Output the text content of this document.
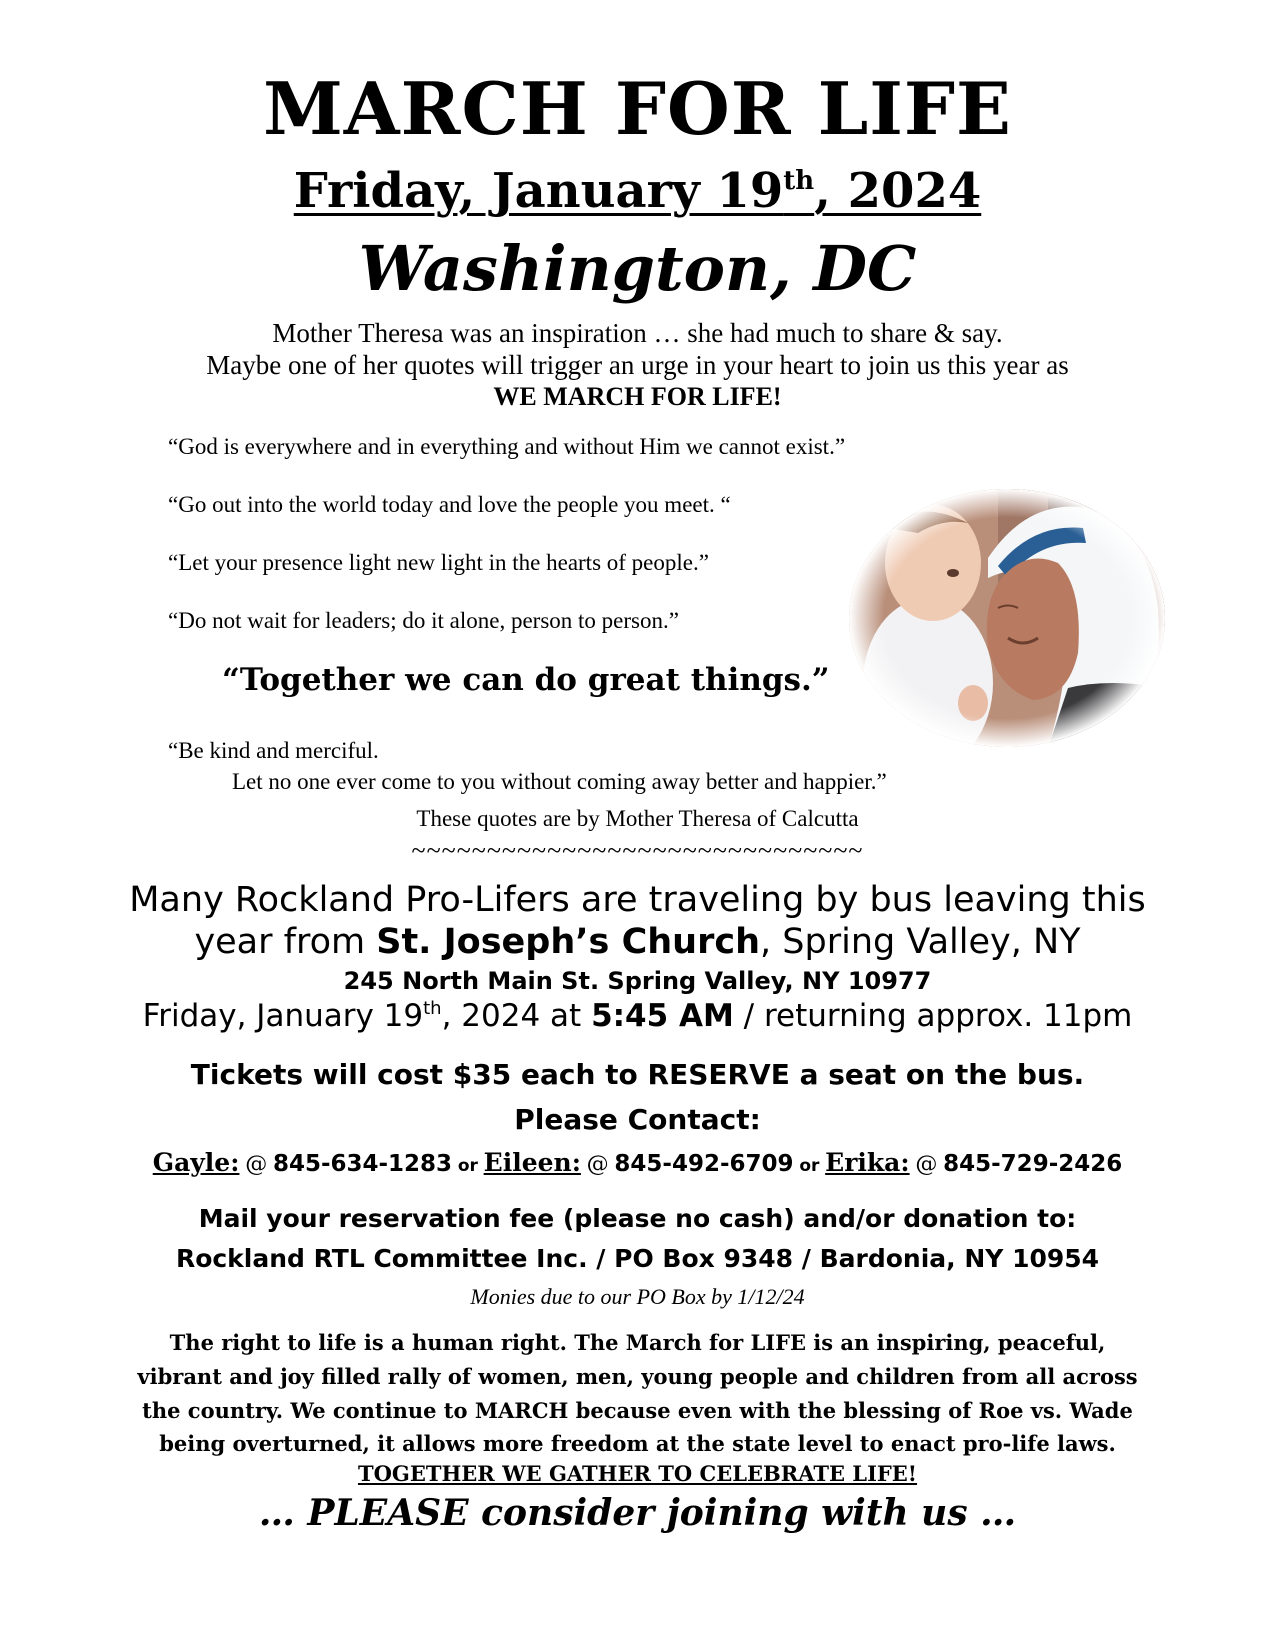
MARCH FOR LIFE
Friday, January 19th, 2024
Washington, DC
Mother Theresa was an inspiration … she had much to share & say.
Maybe one of her quotes will trigger an urge in your heart to join us this year as
WE MARCH FOR LIFE!
“God is everywhere and in everything and without Him we cannot exist.”
“Go out into the world today and love the people you meet. “
“Let your presence light new light in the hearts of people.”
“Do not wait for leaders; do it alone, person to person.”
“Together we can do great things.”
“Be kind and merciful.
Let no one ever come to you without coming away better and happier.”
These quotes are by Mother Theresa of Calcutta
~~~~~~~~~~~~~~~~~~~~~~~~~~~~~~
Many Rockland Pro-Lifers are traveling by bus leaving this
year from St. Joseph’s Church, Spring Valley, NY
245 North Main St. Spring Valley, NY 10977
Friday, January 19th, 2024 at 5:45 AM / returning approx. 11pm
Tickets will cost $35 each to RESERVE a seat on the bus.
Please Contact:
Gayle: @ 845-634-1283 or Eileen: @ 845-492-6709 or Erika: @ 845-729-2426
Mail your reservation fee (please no cash) and/or donation to:
Rockland RTL Committee Inc. / PO Box 9348 / Bardonia, NY 10954
Monies due to our PO Box by 1/12/24
The right to life is a human right. The March for LIFE is an inspiring, peaceful,
vibrant and joy filled rally of women, men, young people and children from all across
the country. We continue to MARCH because even with the blessing of Roe vs. Wade
being overturned, it allows more freedom at the state level to enact pro-life laws.
TOGETHER WE GATHER TO CELEBRATE LIFE!
… PLEASE consider joining with us …
